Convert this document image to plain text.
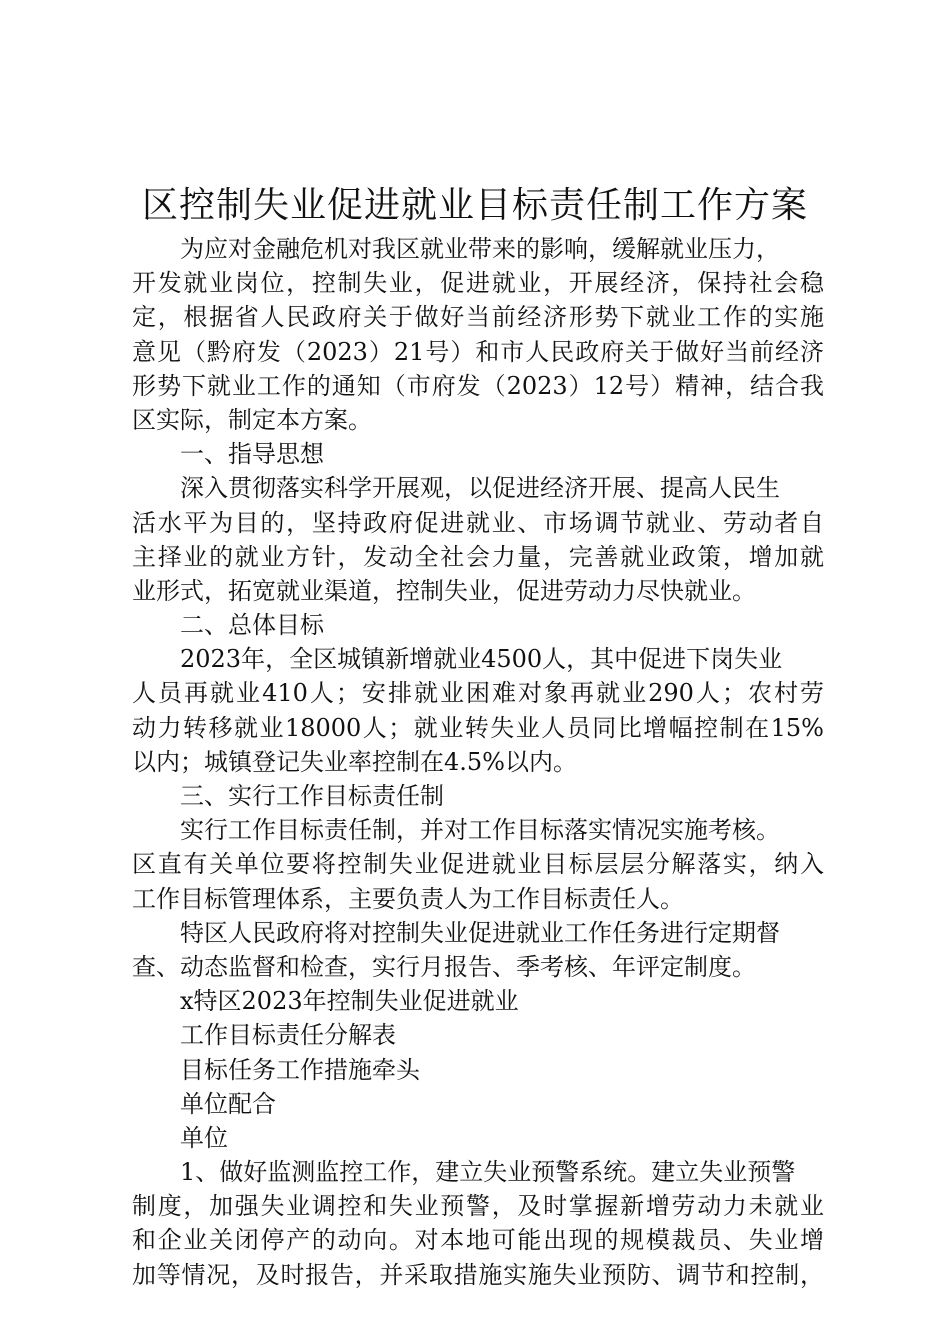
区控制失业促进就业目标责任制工作方案
为应对金融危机对我区就业带来的影响，缓解就业压力，
开发就业岗位，控制失业，促进就业，开展经济，保持社会稳
定，根据省人民政府关于做好当前经济形势下就业工作的实施
意见（黔府发（2023）21号）和市人民政府关于做好当前经济
形势下就业工作的通知（市府发（2023）12号）精神，结合我
区实际，制定本方案。
一、指导思想
深入贯彻落实科学开展观，以促进经济开展、提高人民生
活水平为目的，坚持政府促进就业、市场调节就业、劳动者自
主择业的就业方针，发动全社会力量，完善就业政策，增加就
业形式，拓宽就业渠道，控制失业，促进劳动力尽快就业。
二、总体目标
2023年，全区城镇新增就业4500人，其中促进下岗失业
人员再就业410人；安排就业困难对象再就业290人；农村劳
动力转移就业18000人；就业转失业人员同比增幅控制在15%
以内；城镇登记失业率控制在4.5%以内。
三、实行工作目标责任制
实行工作目标责任制，并对工作目标落实情况实施考核。
区直有关单位要将控制失业促进就业目标层层分解落实，纳入
工作目标管理体系，主要负责人为工作目标责任人。
特区人民政府将对控制失业促进就业工作任务进行定期督
查、动态监督和检查，实行月报告、季考核、年评定制度。
x特区2023年控制失业促进就业
工作目标责任分解表
目标任务工作措施牵头
单位配合
单位
1、做好监测监控工作，建立失业预警系统。建立失业预警
制度，加强失业调控和失业预警，及时掌握新增劳动力未就业
和企业关闭停产的动向。对本地可能出现的规模裁员、失业增
加等情况，及时报告，并采取措施实施失业预防、调节和控制，
